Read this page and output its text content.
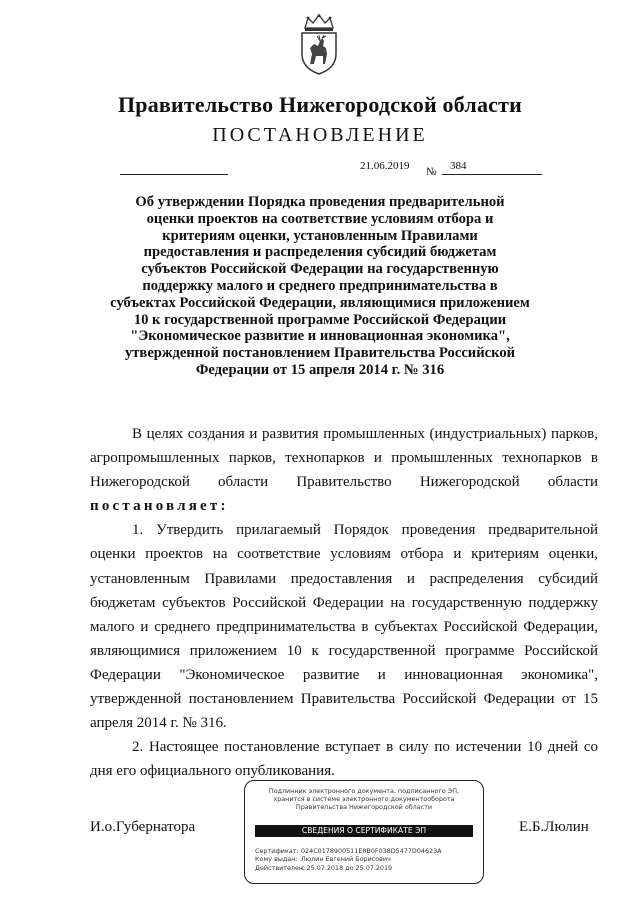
Правительство Нижегородской области
ПОСТАНОВЛЕНИЕ
21.06.2019 № 384
Об утверждении Порядка проведения предварительной оценки проектов на соответствие условиям отбора и критериям оценки, установленным Правилами предоставления и распределения субсидий бюджетам субъектов Российской Федерации на государственную поддержку малого и среднего предпринимательства в субъектах Российской Федерации, являющимися приложением 10 к государственной программе Российской Федерации "Экономическое развитие и инновационная экономика", утвержденной постановлением Правительства Российской Федерации от 15 апреля 2014 г. № 316

В целях создания и развития промышленных (индустриальных) парков, агропромышленных парков, технопарков и промышленных технопарков в Нижегородской области Правительство Нижегородской области постановляет:

1. Утвердить прилагаемый Порядок проведения предварительной оценки проектов на соответствие условиям отбора и критериям оценки, установленным Правилами предоставления и распределения субсидий бюджетам субъектов Российской Федерации на государственную поддержку малого и среднего предпринимательства в субъектах Российской Федерации, являющимися приложением 10 к государственной программе Российской Федерации "Экономическое развитие и инновационная экономика", утвержденной постановлением Правительства Российской Федерации от 15 апреля 2014 г. № 316.

2. Настоящее постановление вступает в силу по истечении 10 дней со дня его официального опубликования.

И.о.Губернатора	Е.Б.Люлин
Подлинник электронного документа, подписанного ЭП,
хранится в системе электронного документооборота
Правительства Нижегородской области
СВЕДЕНИЯ О СЕРТИФИКАТЕ ЭП
Сертификат: 024C0178900511E8B0F038D5477D04623A
Кому выдан: Люлин Евгений Борисович
Действителен:с 25.07.2018 до 25.07.2019
